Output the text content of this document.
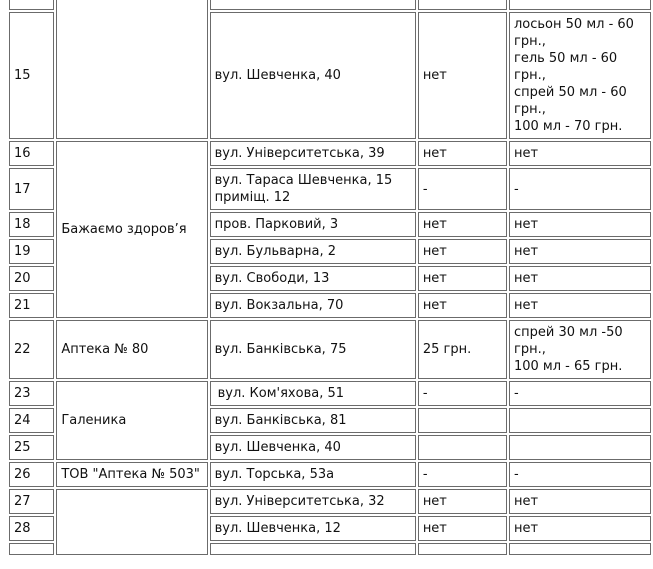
15		вул. Шевченка, 40	нет	лосьон 50 мл - 60 грн.,
гель 50 мл - 60 грн.,
спрей 50 мл - 60 грн.,
100 мл - 70 грн.
16	Бажаємо здоров’я	вул. Університетська, 39	нет	нет
17		вул. Тараса Шевченка, 15 приміщ. 12	-	-
18		пров. Парковий, 3	нет	нет
19		вул. Бульварна, 2	нет	нет
20		вул. Свободи, 13	нет	нет
21		вул. Вокзальна, 70	нет	нет
22	Аптека № 80	вул. Банківська, 75	25 грн.	спрей 30 мл -50 грн.,
100 мл - 65 грн.
23	Галеника	вул. Ком'яхова, 51	-	-
24		вул. Банківська, 81		
25		вул. Шевченка, 40		
26	ТОВ "Аптека № 503"	вул. Торська, 53а	-	-
27		вул. Університетська, 32	нет	нет
28		вул. Шевченка, 12	нет	нет
